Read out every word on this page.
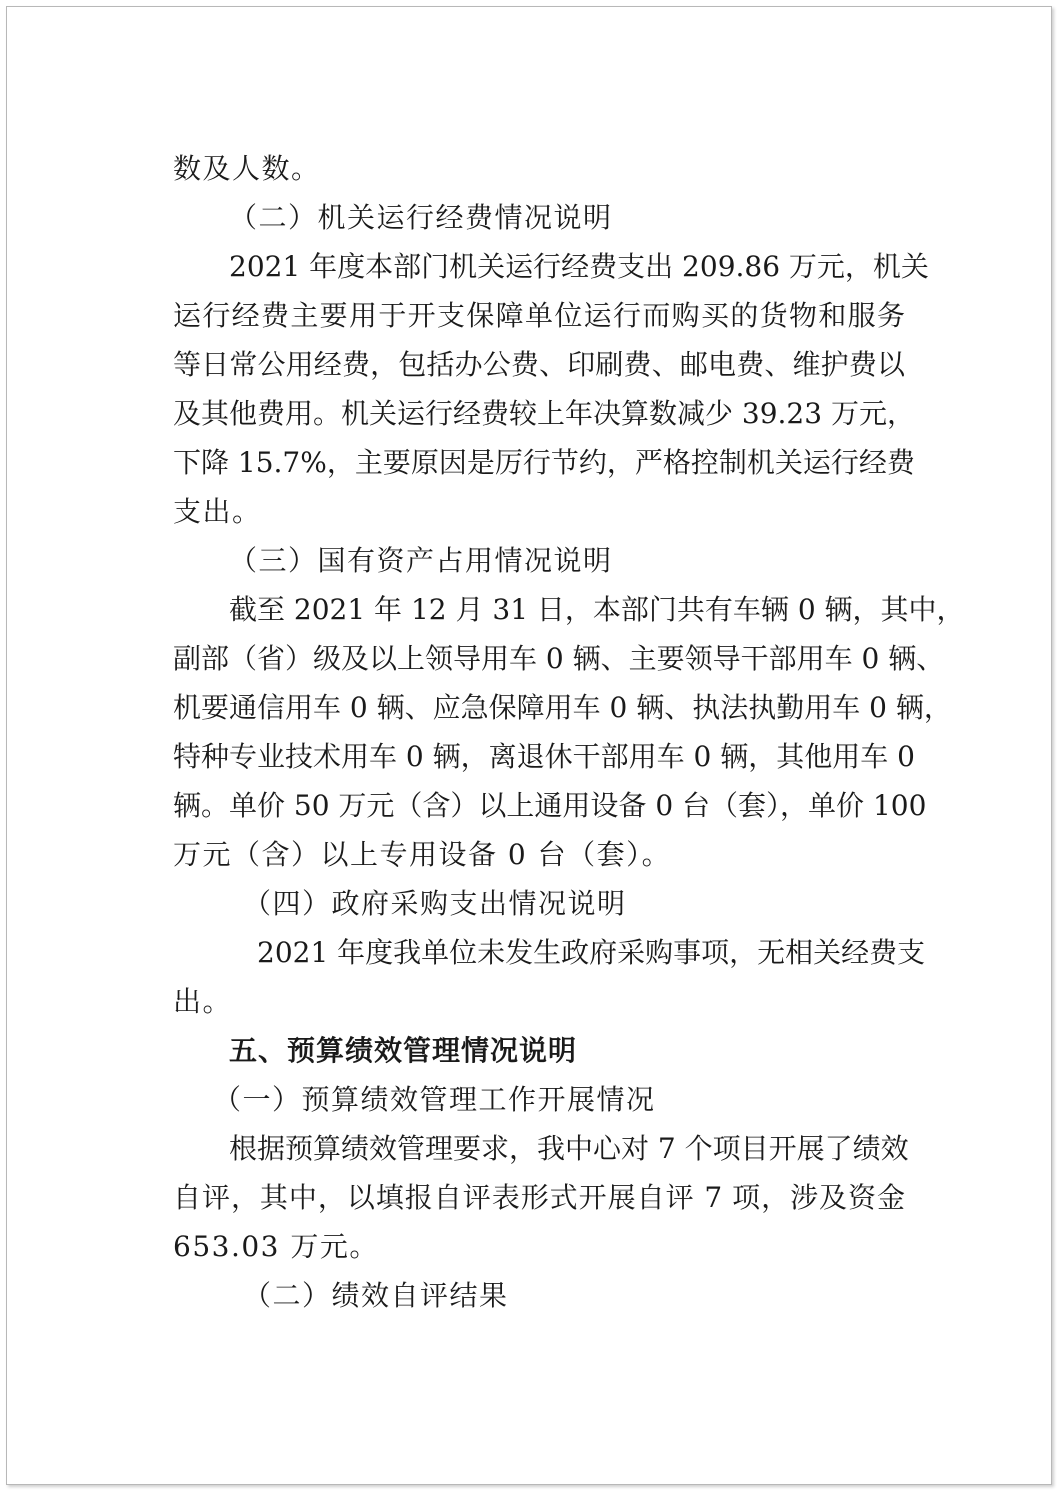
数及人数。
（二）机关运行经费情况说明
2021 年度本部门机关运行经费支出 209.86 万元，机关
运行经费主要用于开支保障单位运行而购买的货物和服务
等日常公用经费，包括办公费、印刷费、邮电费、维护费以
及其他费用。机关运行经费较上年决算数减少 39.23 万元，
下降 15.7%，主要原因是厉行节约，严格控制机关运行经费
支出。
（三）国有资产占用情况说明
截至 2021 年 12 月 31 日，本部门共有车辆 0 辆，其中，
副部（省）级及以上领导用车 0 辆、主要领导干部用车 0 辆、
机要通信用车 0 辆、应急保障用车 0 辆、执法执勤用车 0 辆，
特种专业技术用车 0 辆，离退休干部用车 0 辆，其他用车 0
辆。单价 50 万元（含）以上通用设备 0 台（套），单价 100
万元（含）以上专用设备 0 台（套）。
（四）政府采购支出情况说明
2021 年度我单位未发生政府采购事项，无相关经费支
出。
五、预算绩效管理情况说明
（一）预算绩效管理工作开展情况
根据预算绩效管理要求，我中心对 7 个项目开展了绩效
自评，其中，以填报自评表形式开展自评 7 项，涉及资金
653.03 万元。
（二）绩效自评结果
